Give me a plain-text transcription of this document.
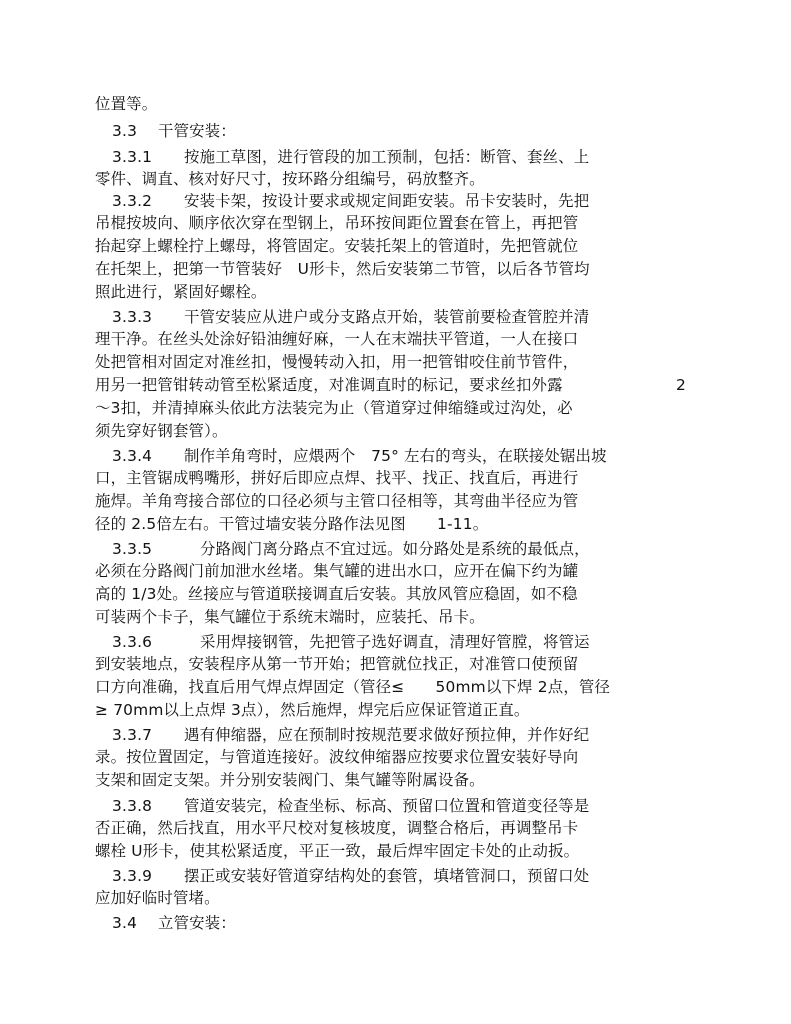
位置等。
3.3 干管安装：
3.3.1 按施工草图，进行管段的加工预制，包括：断管、套丝、上
零件、调直、核对好尺寸，按环路分组编号，码放整齐。
3.3.2 安装卡架，按设计要求或规定间距安装。吊卡安装时，先把
吊棍按坡向、顺序依次穿在型钢上，吊环按间距位置套在管上，再把管
抬起穿上螺栓拧上螺母，将管固定。安装托架上的管道时，先把管就位
在托架上，把第一节管装好　U形卡，然后安装第二节管，以后各节管均
照此进行，紧固好螺栓。
3.3.3 干管安装应从进户或分支路点开始，装管前要检查管腔并清
理干净。在丝头处涂好铅油缠好麻，一人在末端扶平管道，一人在接口
处把管相对固定对准丝扣，慢慢转动入扣，用一把管钳咬住前节管件，
用另一把管钳转动管至松紧适度，对准调直时的标记，要求丝扣外露	2
～3扣，并清掉麻头依此方法装完为止（管道穿过伸缩缝或过沟处，必
须先穿好钢套管）。
3.3.4 制作羊角弯时，应煨两个　75° 左右的弯头，在联接处锯出坡
口，主管锯成鸭嘴形，拼好后即应点焊、找平、找正、找直后，再进行
施焊。羊角弯接合部位的口径必须与主管口径相等，其弯曲半径应为管
径的 2.5倍左右。干管过墙安装分路作法见图　　1-11。
3.3.5	分路阀门离分路点不宜过远。如分路处是系统的最低点，
必须在分路阀门前加泄水丝堵。集气罐的进出水口，应开在偏下约为罐
高的 1/3处。丝接应与管道联接调直后安装。其放风管应稳固，如不稳
可装两个卡子，集气罐位于系统末端时，应装托、吊卡。
3.3.6	采用焊接钢管，先把管子选好调直，清理好管膛，将管运
到安装地点，安装程序从第一节开始；把管就位找正，对准管口使预留
口方向准确，找直后用气焊点焊固定（管径≤　　50mm以下焊 2点，管径
≥ 70mm以上点焊 3点），然后施焊，焊完后应保证管道正直。
3.3.7 遇有伸缩器，应在预制时按规范要求做好预拉伸，并作好纪
录。按位置固定，与管道连接好。波纹伸缩器应按要求位置安装好导向
支架和固定支架。并分别安装阀门、集气罐等附属设备。
3.3.8 管道安装完，检查坐标、标高、预留口位置和管道变径等是
否正确，然后找直，用水平尺校对复核坡度，调整合格后，再调整吊卡
螺栓 U形卡，使其松紧适度，平正一致，最后焊牢固定卡处的止动扳。
3.3.9 摆正或安装好管道穿结构处的套管，填堵管洞口，预留口处
应加好临时管堵。
3.4 立管安装：
